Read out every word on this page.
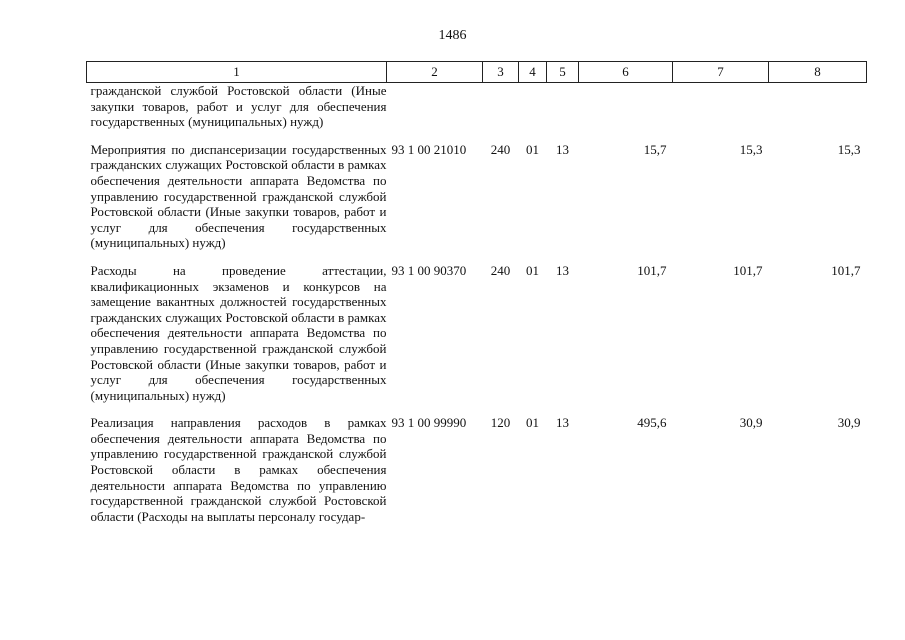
1486
1	2	3	4	5	6	7	8
гражданской службой Ростовской области (Иные закупки товаров, работ и услуг для обеспечения государственных (муниципальных) нужд)							

Мероприятия по диспансеризации государственных гражданских служащих Ростовской области в рамках обеспечения деятельности аппарата Ведомства по управлению государственной гражданской службой Ростовской области (Иные закупки товаров, работ и услуг для обеспечения государственных (муниципальных) нужд)	93 1 00 21010	240	01	13	15,7	15,3	15,3

Расходы на проведение аттестации, квалификационных экзаменов и конкурсов на замещение вакантных должностей государственных гражданских служащих Ростовской области в рамках обеспечения деятельности аппарата Ведомства по управлению государственной гражданской службой Ростовской области (Иные закупки товаров, работ и услуг для обеспечения государственных (муниципальных) нужд)	93 1 00 90370	240	01	13	101,7	101,7	101,7

Реализация направления расходов в рамках обеспечения деятельности аппарата Ведомства по управлению государственной гражданской службой Ростовской области в рамках обеспечения деятельности аппарата Ведомства по управлению государственной гражданской службой Ростовской области (Расходы на выплаты персоналу государ-	93 1 00 99990	120	01	13	495,6	30,9	30,9
